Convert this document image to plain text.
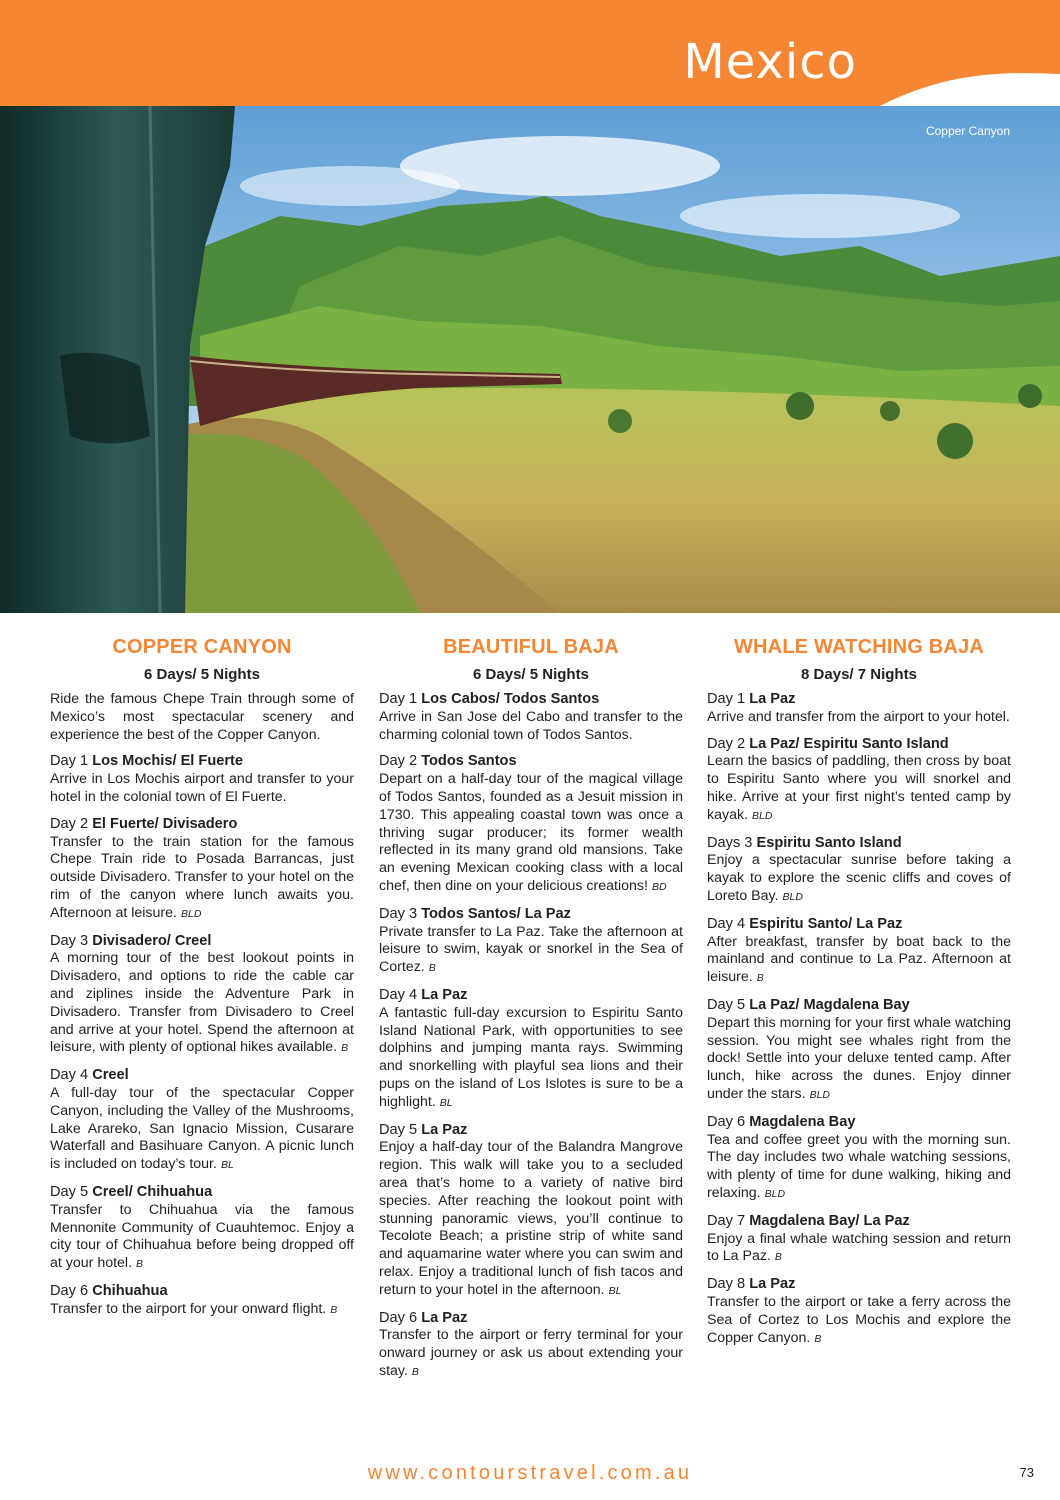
Mexico
Copper Canyon
COPPER CANYON
6 Days/ 5 Nights
Ride the famous Chepe Train through some of Mexico’s most spectacular scenery and experience the best of the Copper Canyon.
Day 1 Los Mochis/ El Fuerte
Arrive in Los Mochis airport and transfer to your hotel in the colonial town of El Fuerte.
Day 2 El Fuerte/ Divisadero
Transfer to the train station for the famous Chepe Train ride to Posada Barrancas, just outside Divisadero. Transfer to your hotel on the rim of the canyon where lunch awaits you. Afternoon at leisure. BLD
Day 3 Divisadero/ Creel
A morning tour of the best lookout points in Divisadero, and options to ride the cable car and ziplines inside the Adventure Park in Divisadero. Transfer from Divisadero to Creel and arrive at your hotel. Spend the afternoon at leisure, with plenty of optional hikes available. B
Day 4 Creel
A full-day tour of the spectacular Copper Canyon, including the Valley of the Mushrooms, Lake Arareko, San Ignacio Mission, Cusarare Waterfall and Basihuare Canyon. A picnic lunch is included on today’s tour. BL
Day 5 Creel/ Chihuahua
Transfer to Chihuahua via the famous Mennonite Community of Cuauhtemoc. Enjoy a city tour of Chihuahua before being dropped off at your hotel. B
Day 6 Chihuahua
Transfer to the airport for your onward flight. B
BEAUTIFUL BAJA
6 Days/ 5 Nights
Day 1 Los Cabos/ Todos Santos
Arrive in San Jose del Cabo and transfer to the charming colonial town of Todos Santos.
Day 2 Todos Santos
Depart on a half-day tour of the magical village of Todos Santos, founded as a Jesuit mission in 1730. This appealing coastal town was once a thriving sugar producer; its former wealth reflected in its many grand old mansions. Take an evening Mexican cooking class with a local chef, then dine on your delicious creations! BD
Day 3 Todos Santos/ La Paz
Private transfer to La Paz. Take the afternoon at leisure to swim, kayak or snorkel in the Sea of Cortez. B
Day 4 La Paz
A fantastic full-day excursion to Espiritu Santo Island National Park, with opportunities to see dolphins and jumping manta rays. Swimming and snorkelling with playful sea lions and their pups on the island of Los Islotes is sure to be a highlight. BL
Day 5 La Paz
Enjoy a half-day tour of the Balandra Mangrove region. This walk will take you to a secluded area that’s home to a variety of native bird species. After reaching the lookout point with stunning panoramic views, you’ll continue to Tecolote Beach; a pristine strip of white sand and aquamarine water where you can swim and relax. Enjoy a traditional lunch of fish tacos and return to your hotel in the afternoon. BL
Day 6 La Paz
Transfer to the airport or ferry terminal for your onward journey or ask us about extending your stay. B
WHALE WATCHING BAJA
8 Days/ 7 Nights
Day 1 La Paz
Arrive and transfer from the airport to your hotel.
Day 2 La Paz/ Espiritu Santo Island
Learn the basics of paddling, then cross by boat to Espiritu Santo where you will snorkel and hike. Arrive at your first night’s tented camp by kayak. BLD
Days 3 Espiritu Santo Island
Enjoy a spectacular sunrise before taking a kayak to explore the scenic cliffs and coves of Loreto Bay. BLD
Day 4 Espiritu Santo/ La Paz
After breakfast, transfer by boat back to the mainland and continue to La Paz. Afternoon at leisure. B
Day 5 La Paz/ Magdalena Bay
Depart this morning for your first whale watching session. You might see whales right from the dock! Settle into your deluxe tented camp. After lunch, hike across the dunes. Enjoy dinner under the stars. BLD
Day 6 Magdalena Bay
Tea and coffee greet you with the morning sun. The day includes two whale watching sessions, with plenty of time for dune walking, hiking and relaxing. BLD
Day 7 Magdalena Bay/ La Paz
Enjoy a final whale watching session and return to La Paz. B
Day 8 La Paz
Transfer to the airport or take a ferry across the Sea of Cortez to Los Mochis and explore the Copper Canyon. B
www.contourstravel.com.au	73
